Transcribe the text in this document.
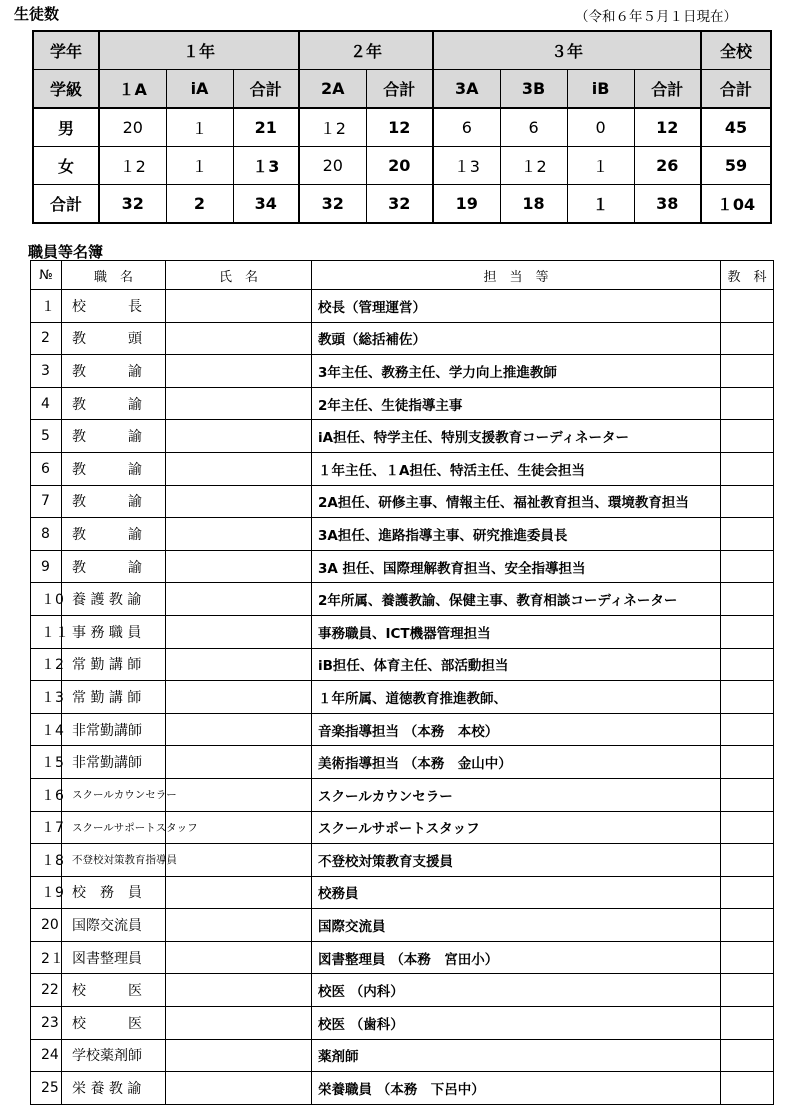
生徒数	（令和６年５月１日現在）
学年	１年			２年		３年				全校
学級	１A	iA	合計	2A	合計	3A	3B	iB	合計	合計
男	20	１	21	１2	12	6	6	0	12	45
女	１2	１	１3	20	20	１3	１2	１	26	59
合計	32	2	34	32	32	19	18	１	38	１04
職員等名簿
№	職　名	氏　名	担　当　等	教　科
１	校　　　長		校長（管理運営）	
2	教　　　頭		教頭（総括補佐）	
3	教　　　諭		3年主任、教務主任、学力向上推進教師	
4	教　　　諭		2年主任、生徒指導主事	
5	教　　　諭		iA担任、特学主任、特別支援教育コーディネーター	
6	教　　　諭		１年主任、１A担任、特活主任、生徒会担当	
7	教　　　諭		2A担任、研修主事、情報主任、福祉教育担当、環境教育担当	
8	教　　　諭		3A担任、進路指導主事、研究推進委員長	
9	教　　　諭		3A 担任、国際理解教育担当、安全指導担当	
１0	養 護 教 諭		2年所属、養護教諭、保健主事、教育相談コーディネーター	
１１	事 務 職 員		事務職員、ICT機器管理担当	
１2	常 勤 講 師		iB担任、体育主任、部活動担当	
１3	常 勤 講 師		１年所属、道徳教育推進教師、	
１4	非常勤講師		音楽指導担当 （本務　本校）	
１5	非常勤講師		美術指導担当 （本務　金山中）	
１6	スクールカウンセラー		スクールカウンセラー	
１7	スクールサポートスタッフ		スクールサポートスタッフ	
１8	不登校対策教育指導員		不登校対策教育支援員	
１9	校　務　員		校務員	
20	国際交流員		国際交流員	
2１	図書整理員		図書整理員 （本務　宮田小）	
22	校　　　医		校医 （内科）	
23	校　　　医		校医 （歯科）	
24	学校薬剤師		薬剤師	
25	栄 養 教 諭		栄養職員 （本務　下呂中）	
